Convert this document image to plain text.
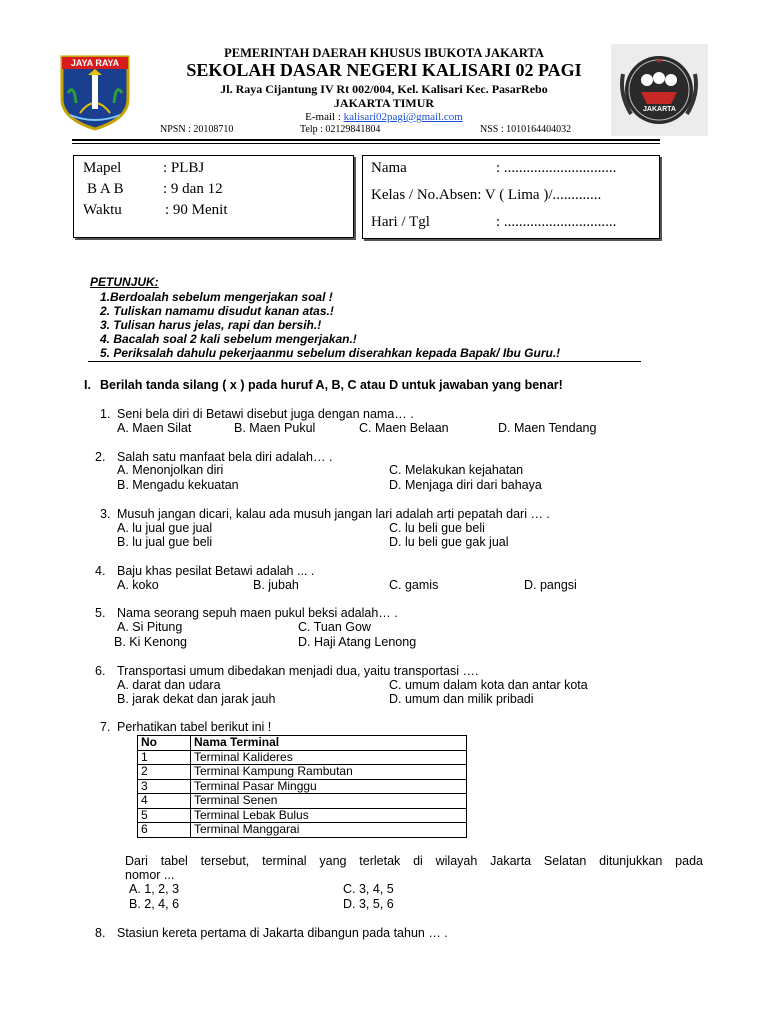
JAYA RAYA
JAKARTA
PEMERINTAH DAERAH KHUSUS IBUKOTA JAKARTA
SEKOLAH DASAR NEGERI KALISARI 02 PAGI
Jl. Raya Cijantung IV Rt 002/004, Kel. Kalisari Kec. PasarRebo
JAKARTA TIMUR
E-mail : kalisari02pagi@gmail.com
NPSN : 20108710	Telp : 02129841804	NSS : 1010164404032
Mapel	: PLBJ
B A B	: 9 dan 12
Waktu	: 90 Menit
Nama	: ..............................
Kelas / No.Absen: V ( Lima )/.............
Hari / Tgl	: ..............................
PETUNJUK:
1.Berdoalah sebelum mengerjakan soal !
2. Tuliskan namamu disudut kanan atas.!
3. Tulisan harus jelas, rapi dan bersih.!
4. Bacalah soal 2 kali sebelum mengerjakan.!
5. Periksalah dahulu pekerjaanmu sebelum diserahkan kepada Bapak/ Ibu Guru.!
I. Berilah tanda silang ( x ) pada huruf A, B, C atau D untuk jawaban yang benar!
1. Seni bela diri di Betawi disebut juga dengan nama… .
A. Maen Silat	B. Maen Pukul	C. Maen Belaan	D. Maen Tendang
2. Salah satu manfaat bela diri adalah… .
A. Menonjolkan diri
B. Mengadu kekuatan
C. Melakukan kejahatan
D. Menjaga diri dari bahaya
3. Musuh jangan dicari, kalau ada musuh jangan lari adalah arti pepatah dari … .
A. lu jual gue jual
B. lu jual gue beli
C. lu beli gue beli
D. lu beli gue gak jual
4. Baju khas pesilat Betawi adalah ... .
A. koko	B. jubah	C. gamis	D. pangsi
5. Nama seorang sepuh maen pukul beksi adalah… .
A. Si Pitung
B. Ki Kenong
C. Tuan Gow
D. Haji Atang Lenong
6. Transportasi umum dibedakan menjadi dua, yaitu transportasi ….
A. darat dan udara
B. jarak dekat dan jarak jauh
C. umum dalam kota dan antar kota
D. umum dan milik pribadi
7. Perhatikan tabel berikut ini !
No	Nama Terminal
1	Terminal Kalideres
2	Terminal Kampung Rambutan
3	Terminal Pasar Minggu
4	Terminal Senen
5	Terminal Lebak Bulus
6	Terminal Manggarai
Dari tabel tersebut, terminal yang terletak di wilayah Jakarta Selatan ditunjukkan pada
nomor ...
A. 1, 2, 3
B. 2, 4, 6
C. 3, 4, 5
D. 3, 5, 6
8. Stasiun kereta pertama di Jakarta dibangun pada tahun … .
